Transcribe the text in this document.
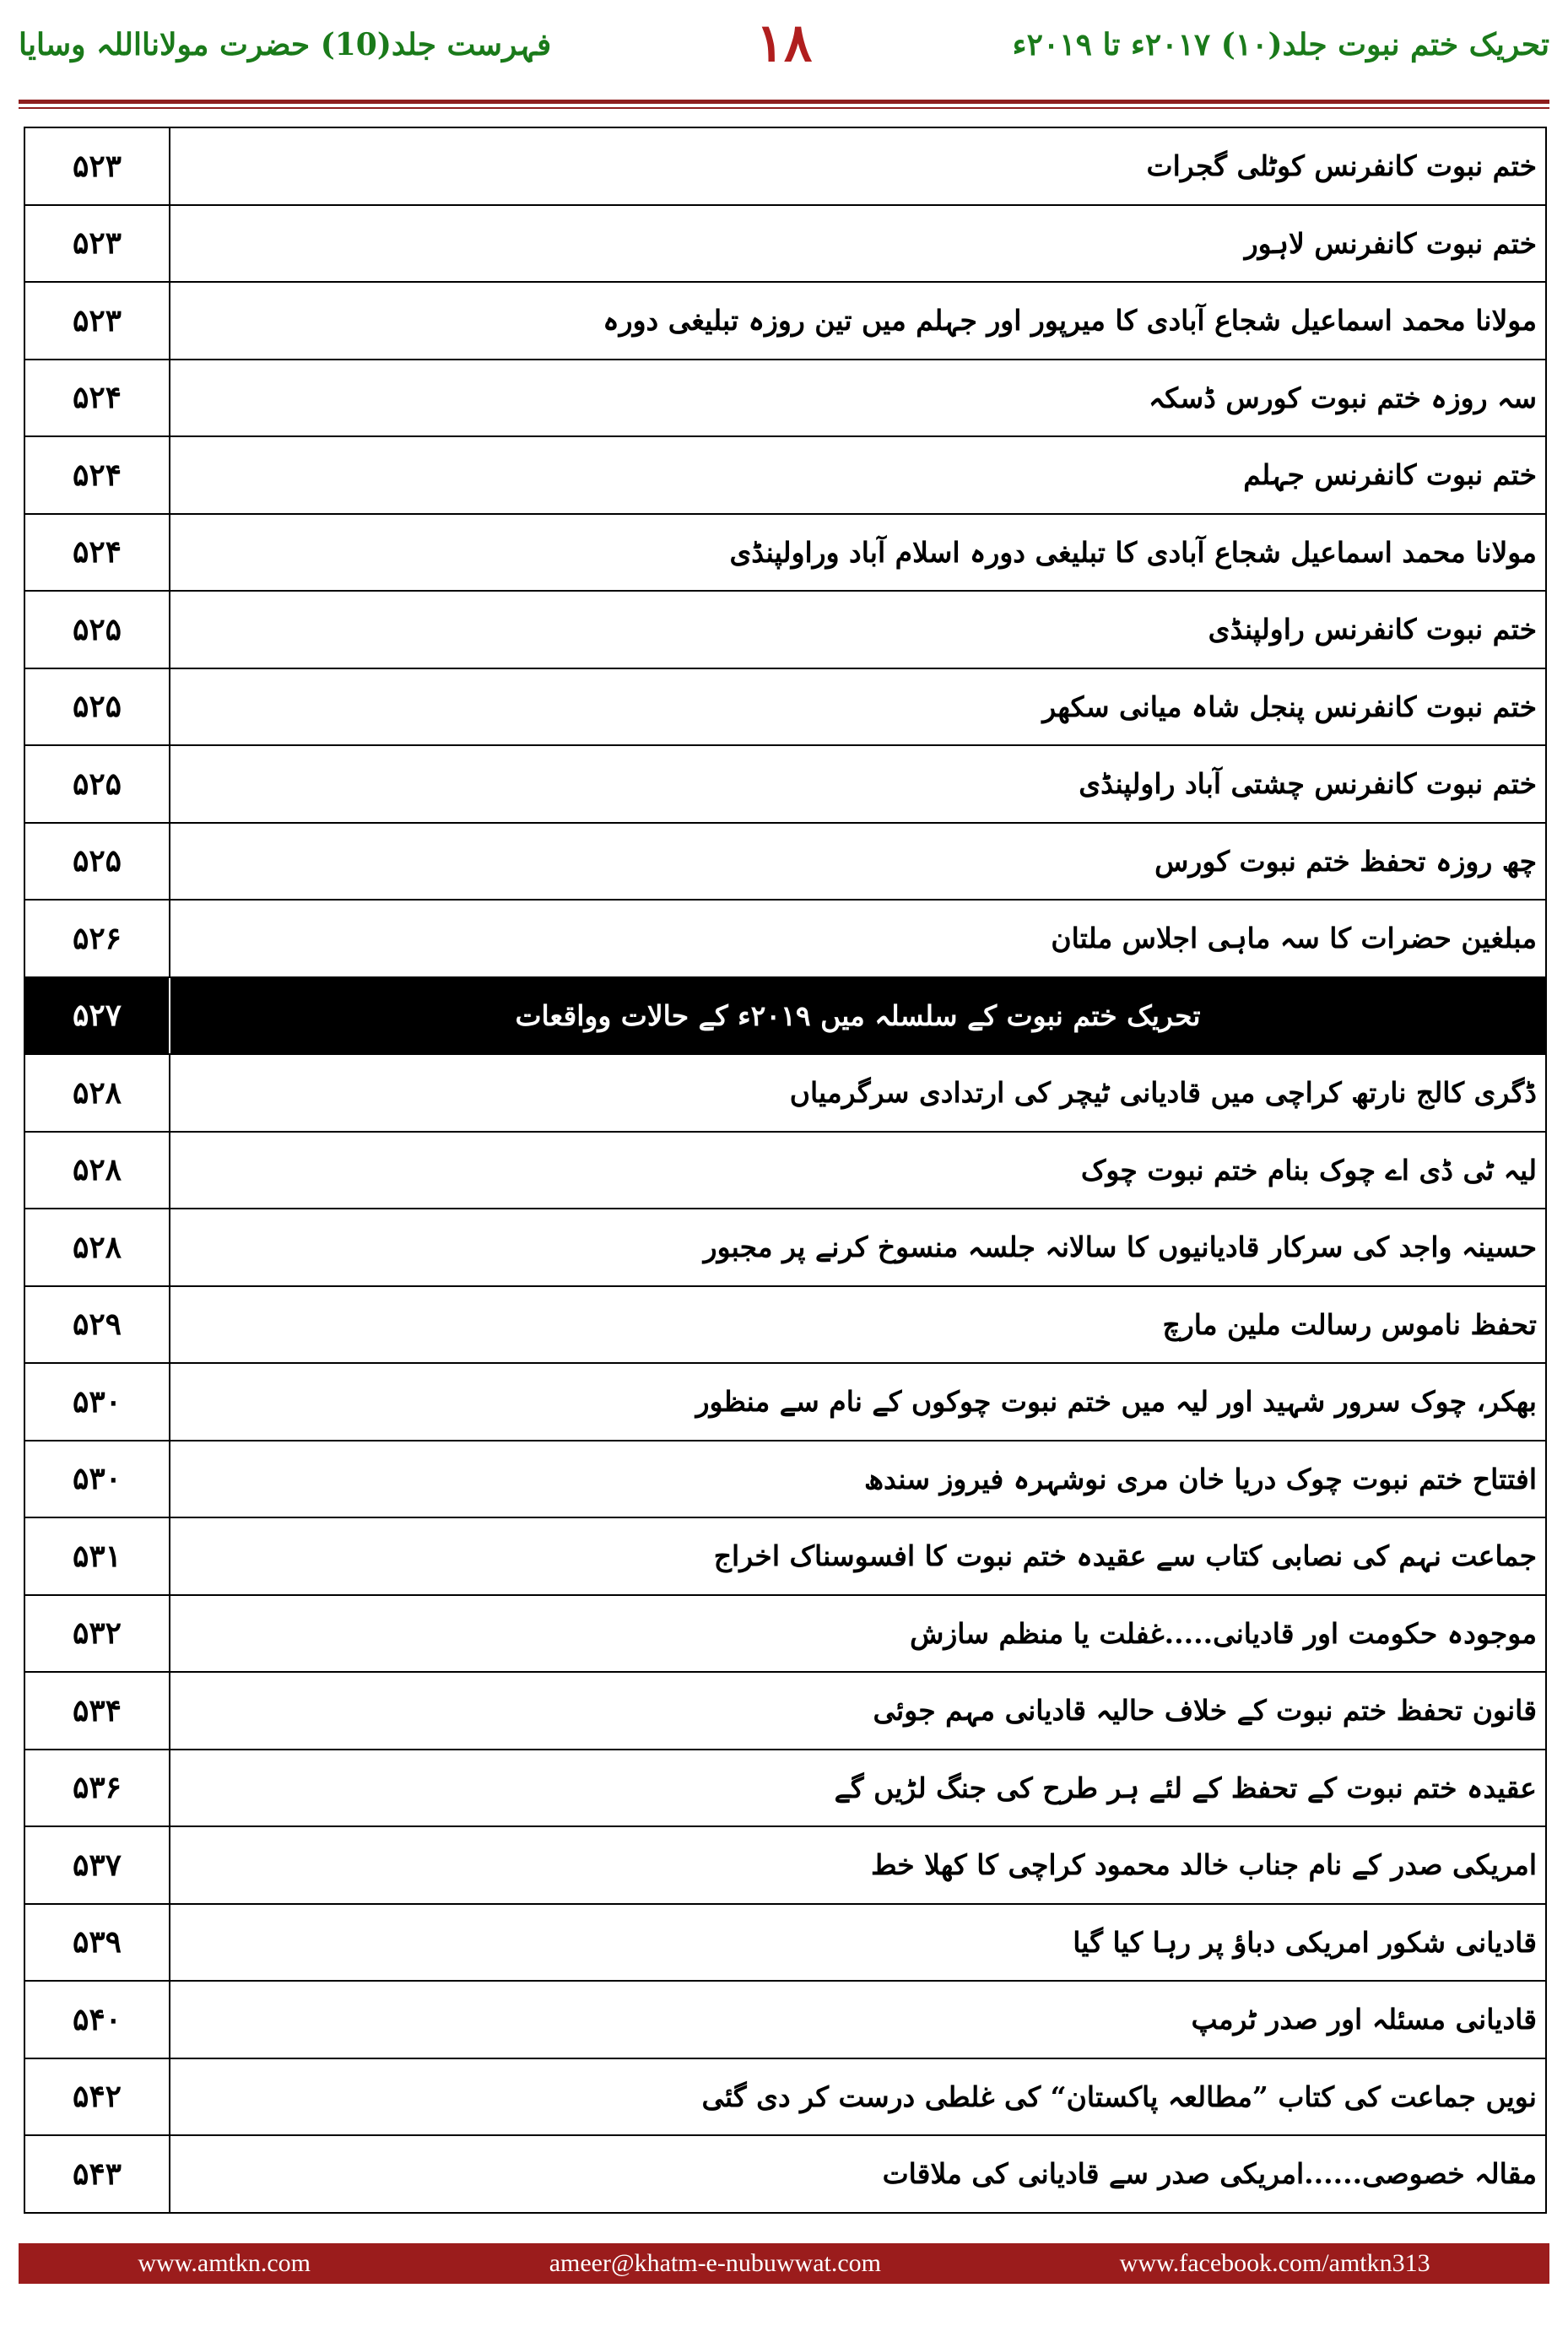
فہرست جلد(10) حضرت مولانااللہ وسایا	۱۸	تحریک ختم نبوت جلد(۱۰) ۲۰۱۷ء تا ۲۰۱۹ء
۵۲۳	ختم نبوت کانفرنس کوٹلی گجرات
۵۲۳	ختم نبوت کانفرنس لاہور
۵۲۳	مولانا محمد اسماعیل شجاع آبادی کا میرپور اور جہلم میں تین روزہ تبلیغی دورہ
۵۲۴	سہ روزہ ختم نبوت کورس ڈسکہ
۵۲۴	ختم نبوت کانفرنس جہلم
۵۲۴	مولانا محمد اسماعیل شجاع آبادی کا تبلیغی دورہ اسلام آباد وراولپنڈی
۵۲۵	ختم نبوت کانفرنس راولپنڈی
۵۲۵	ختم نبوت کانفرنس پنجل شاہ میانی سکھر
۵۲۵	ختم نبوت کانفرنس چشتی آباد راولپنڈی
۵۲۵	چھ روزہ تحفظ ختم نبوت کورس
۵۲۶	مبلغین حضرات کا سہ ماہی اجلاس ملتان
۵۲۷	تحریک ختم نبوت کے سلسلہ میں ۲۰۱۹ء کے حالات وواقعات
۵۲۸	ڈگری کالج نارتھ کراچی میں قادیانی ٹیچر کی ارتدادی سرگرمیاں
۵۲۸	لیہ ٹی ڈی اے چوک بنام ختم نبوت چوک
۵۲۸	حسینہ واجد کی سرکار قادیانیوں کا سالانہ جلسہ منسوخ کرنے پر مجبور
۵۲۹	تحفظ ناموس رسالت ملین مارچ
۵۳۰	بھکر، چوک سرور شہید اور لیہ میں ختم نبوت چوکوں کے نام سے منظور
۵۳۰	افتتاح ختم نبوت چوک دریا خان مری نوشہرہ فیروز سندھ
۵۳۱	جماعت نہم کی نصابی کتاب سے عقیدہ ختم نبوت کا افسوسناک اخراج
۵۳۲	موجودہ حکومت اور قادیانی.....غفلت یا منظم سازش
۵۳۴	قانون تحفظ ختم نبوت کے خلاف حالیہ قادیانی مہم جوئی
۵۳۶	عقیدہ ختم نبوت کے تحفظ کے لئے ہر طرح کی جنگ لڑیں گے
۵۳۷	امریکی صدر کے نام جناب خالد محمود کراچی کا کھلا خط
۵۳۹	قادیانی شکور امریکی دباؤ پر رہا کیا گیا
۵۴۰	قادیانی مسئلہ اور صدر ٹرمپ
۵۴۲	نویں جماعت کی کتاب ”مطالعہ پاکستان“ کی غلطی درست کر دی گئی
۵۴۳	مقالہ خصوصی......امریکی صدر سے قادیانی کی ملاقات
www.amtkn.com	ameer@khatm-e-nubuwwat.com	www.facebook.com/amtkn313
